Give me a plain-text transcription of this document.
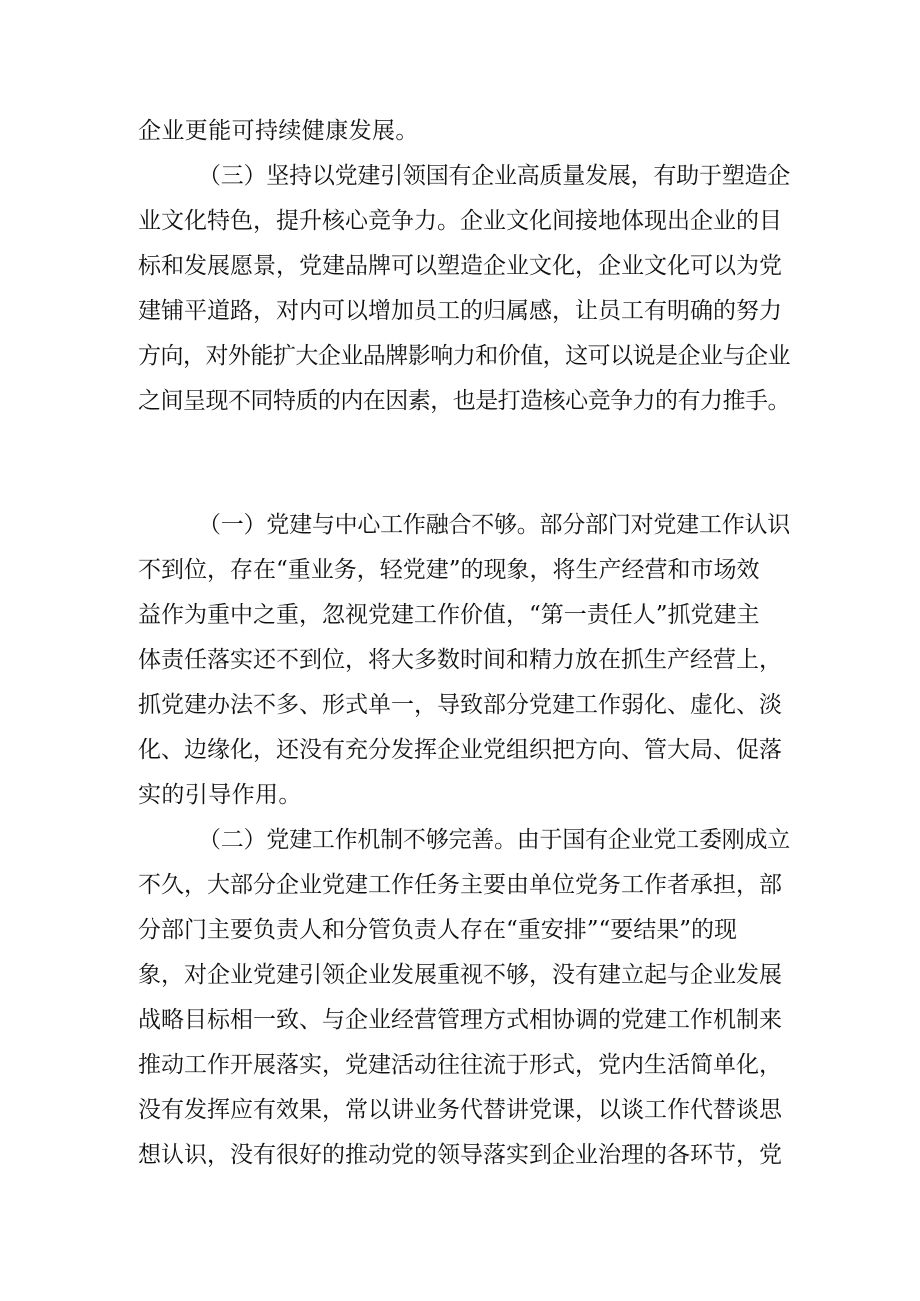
企业更能可持续健康发展。
（三）坚持以党建引领国有企业高质量发展，有助于塑造企
业文化特色，提升核心竞争力。企业文化间接地体现出企业的目
标和发展愿景，党建品牌可以塑造企业文化，企业文化可以为党
建铺平道路，对内可以增加员工的归属感，让员工有明确的努力
方向，对外能扩大企业品牌影响力和价值，这可以说是企业与企业
之间呈现不同特质的内在因素，也是打造核心竞争力的有力推手。
（一）党建与中心工作融合不够。部分部门对党建工作认识
不到位，存在“重业务，轻党建”的现象，将生产经营和市场效
益作为重中之重，忽视党建工作价值，“第一责任人”抓党建主
体责任落实还不到位，将大多数时间和精力放在抓生产经营上，
抓党建办法不多、形式单一，导致部分党建工作弱化、虚化、淡
化、边缘化，还没有充分发挥企业党组织把方向、管大局、促落
实的引导作用。
（二）党建工作机制不够完善。由于国有企业党工委刚成立
不久，大部分企业党建工作任务主要由单位党务工作者承担，部
分部门主要负责人和分管负责人存在“重安排”“要结果”的现
象，对企业党建引领企业发展重视不够，没有建立起与企业发展
战略目标相一致、与企业经营管理方式相协调的党建工作机制来
推动工作开展落实，党建活动往往流于形式，党内生活简单化，
没有发挥应有效果，常以讲业务代替讲党课，以谈工作代替谈思
想认识，没有很好的推动党的领导落实到企业治理的各环节，党
